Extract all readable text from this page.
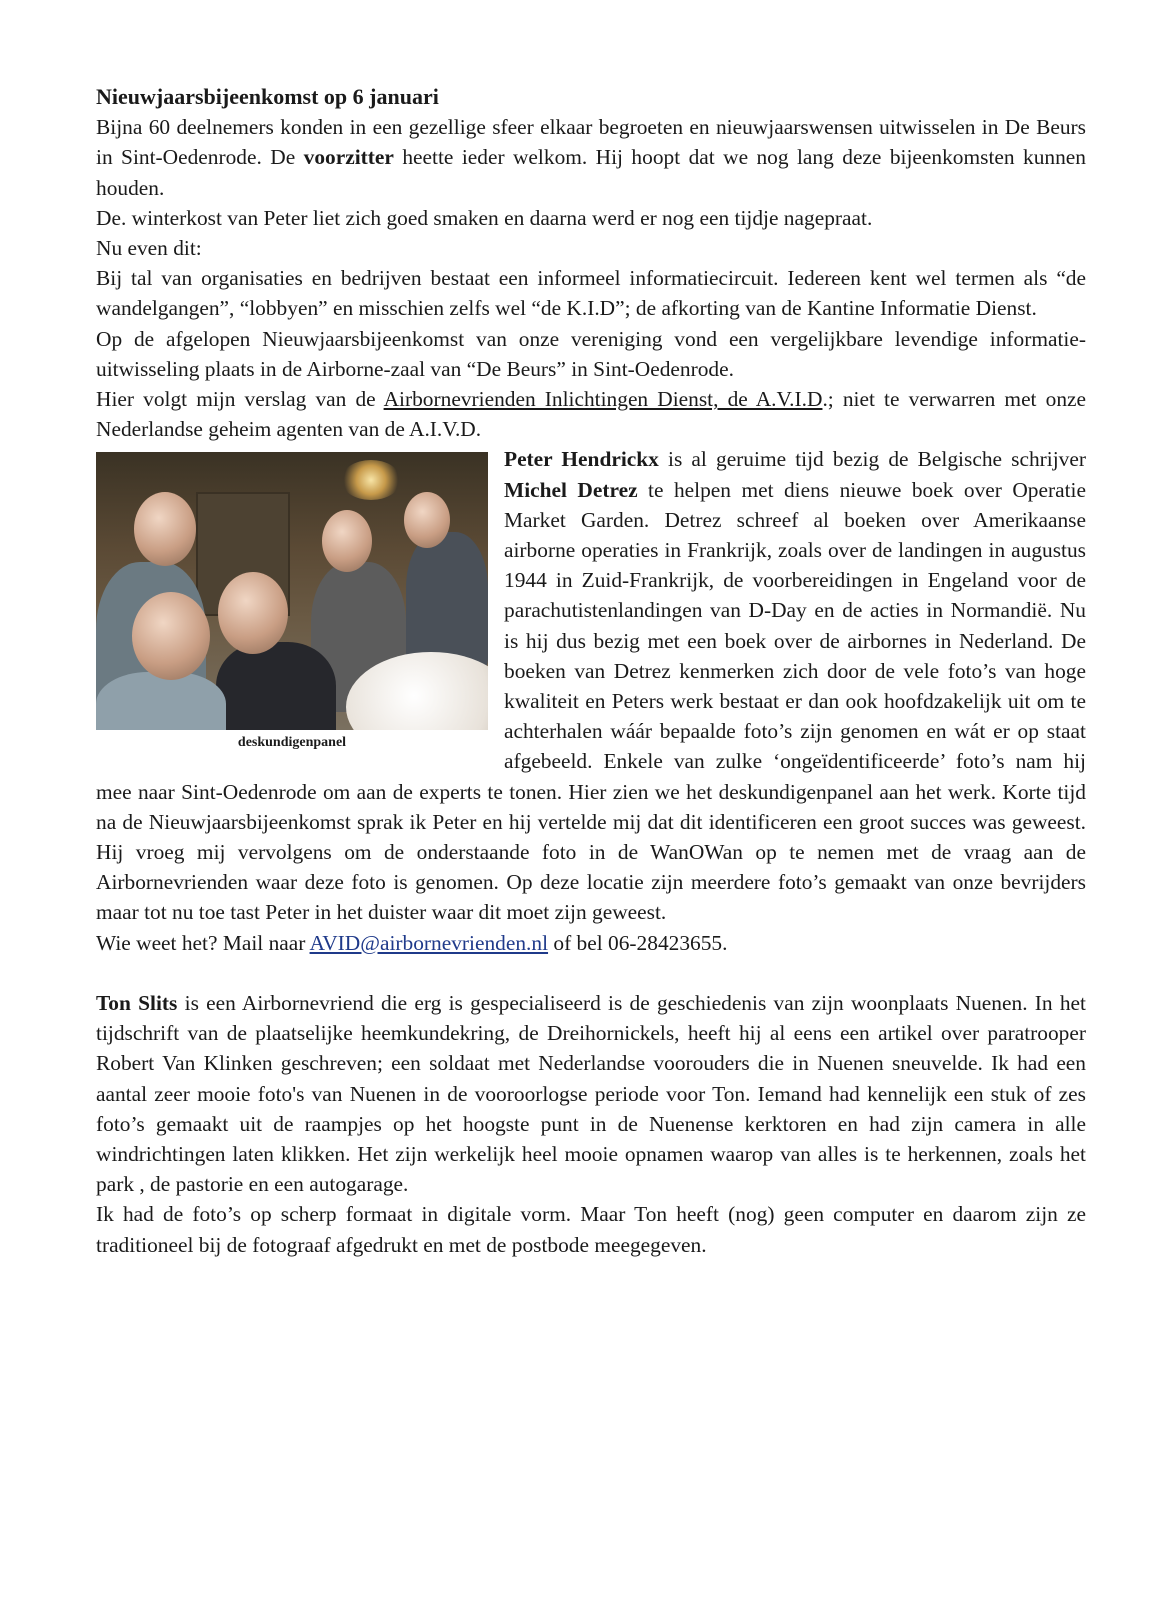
Nieuwjaarsbijeenkomst op 6 januari

Bijna 60 deelnemers konden in een gezellige sfeer elkaar begroeten en nieuwjaarswensen uitwisselen in De Beurs in Sint-Oedenrode. De voorzitter heette ieder welkom. Hij hoopt dat we nog lang deze bijeenkomsten kunnen houden.

De. winterkost van Peter liet zich goed smaken en daarna werd er nog een tijdje nagepraat.

Nu even dit:

Bij tal van organisaties en bedrijven bestaat een informeel informatiecircuit. Iedereen kent wel termen als “de wandelgangen”, “lobbyen” en misschien zelfs wel “de K.I.D”; de afkorting van de Kantine Informatie Dienst.

Op de afgelopen Nieuwjaarsbijeenkomst van onze vereniging vond een vergelijkbare levendige informatie-uitwisseling plaats in de Airborne-zaal van “De Beurs” in Sint-Oedenrode.

Hier volgt mijn verslag van de Airbornevrienden Inlichtingen Dienst, de A.V.I.D.; niet te verwarren met onze Nederlandse geheim agenten van de A.I.V.D.

deskundigenpanel

Peter Hendrickx is al geruime tijd bezig de Belgische schrijver Michel Detrez te helpen met diens nieuwe boek over Operatie Market Garden. Detrez schreef al boeken over Amerikaanse airborne operaties in Frankrijk, zoals over de landingen in augustus 1944 in Zuid-Frankrijk, de voorbereidingen in Engeland voor de parachutistenlandingen van D-Day en de acties in Normandië. Nu is hij dus bezig met een boek over de airbornes in Nederland. De boeken van Detrez kenmerken zich door de vele foto’s van hoge kwaliteit en Peters werk bestaat er dan ook hoofdzakelijk uit om te achterhalen wáár bepaalde foto’s zijn genomen en wát er op staat afgebeeld. Enkele van zulke ‘ongeïdentificeerde’ foto’s nam hij mee naar Sint-Oedenrode om aan de experts te tonen. Hier zien we het deskundigenpanel aan het werk. Korte tijd na de Nieuwjaarsbijeenkomst sprak ik Peter en hij vertelde mij dat dit identificeren een groot succes was geweest. Hij vroeg mij vervolgens om de onderstaande foto in de WanOWan op te nemen met de vraag aan de Airbornevrienden waar deze foto is genomen. Op deze locatie zijn meerdere foto’s gemaakt van onze bevrijders maar tot nu toe tast Peter in het duister waar dit moet zijn geweest.

Wie weet het? Mail naar AVID@airbornevrienden.nl of bel 06-28423655.

Ton Slits is een Airbornevriend die erg is gespecialiseerd is de geschiedenis van zijn woonplaats Nuenen. In het tijdschrift van de plaatselijke heemkundekring, de Dreihornickels, heeft hij al eens een artikel over paratrooper Robert Van Klinken geschreven; een soldaat met Nederlandse voorouders die in Nuenen sneuvelde. Ik had een aantal zeer mooie foto's van Nuenen in de vooroorlogse periode voor Ton. Iemand had kennelijk een stuk of zes foto’s gemaakt uit de raampjes op het hoogste punt in de Nuenense kerktoren en had zijn camera in alle windrichtingen laten klikken. Het zijn werkelijk heel mooie opnamen waarop van alles is te herkennen, zoals het park , de pastorie en een autogarage.

Ik had de foto’s op scherp formaat in digitale vorm. Maar Ton heeft (nog) geen computer en daarom zijn ze traditioneel bij de fotograaf afgedrukt en met de postbode meegegeven.
